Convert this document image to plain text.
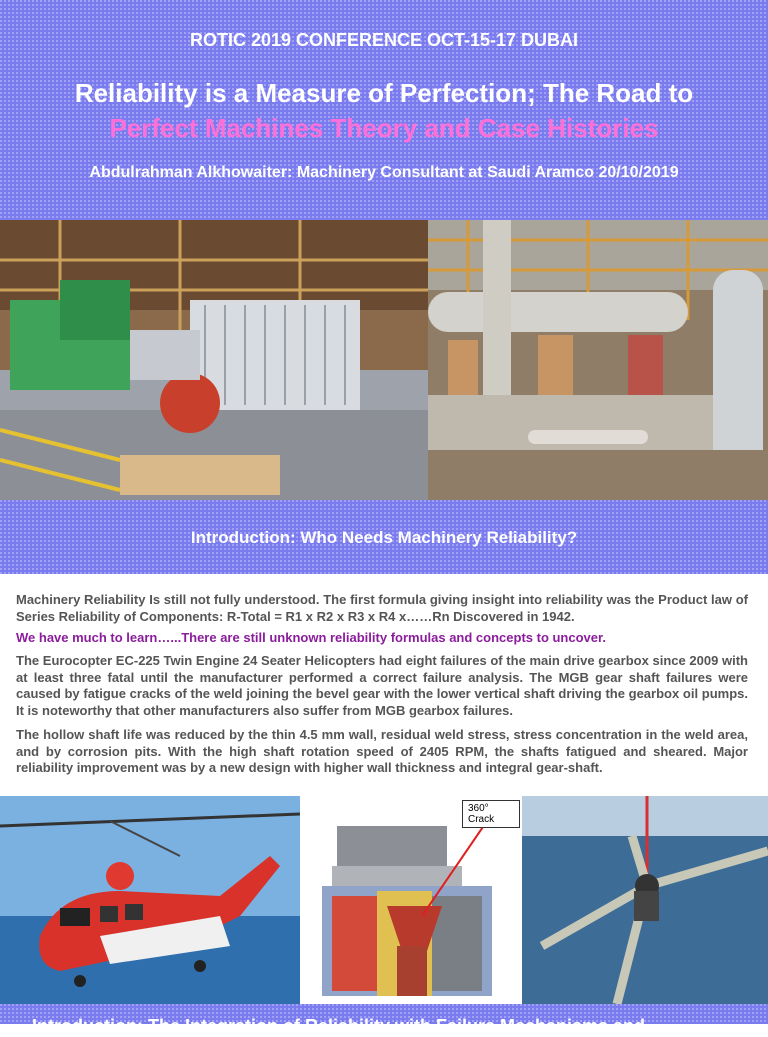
ROTIC 2019 CONFERENCE OCT-15-17 DUBAI
Reliability is a Measure of Perfection; The Road to
Perfect Machines Theory and Case Histories
Abdulrahman Alkhowaiter: Machinery Consultant at Saudi Aramco 20/10/2019
Introduction: Who Needs Machinery Reliability?
Machinery Reliability Is still not fully understood. The first formula giving insight into reliability was the Product law of Series Reliability of Components: R-Total = R1 x R2 x R3 x R4 x……Rn Discovered in 1942.
We have much to learn…...There are still unknown reliability formulas and concepts to uncover.
The Eurocopter EC-225 Twin Engine 24 Seater Helicopters had eight failures of the main drive gearbox since 2009 with at least three fatal until the manufacturer performed a correct failure analysis. The MGB gear shaft failures were caused by fatigue cracks of the weld joining the bevel gear with the lower vertical shaft driving the gearbox oil pumps. It is noteworthy that other manufacturers also suffer from MGB gearbox failures.
The hollow shaft life was reduced by the thin 4.5 mm wall, residual weld stress, stress concentration in the weld area, and by corrosion pits. With the high shaft rotation speed of 2405 RPM, the shafts fatigued and sheared. Major reliability improvement was by a new design with higher wall thickness and integral gear-shaft.
360° Crack
Introduction: The Integration of Reliability with Failure Mechanisms and
